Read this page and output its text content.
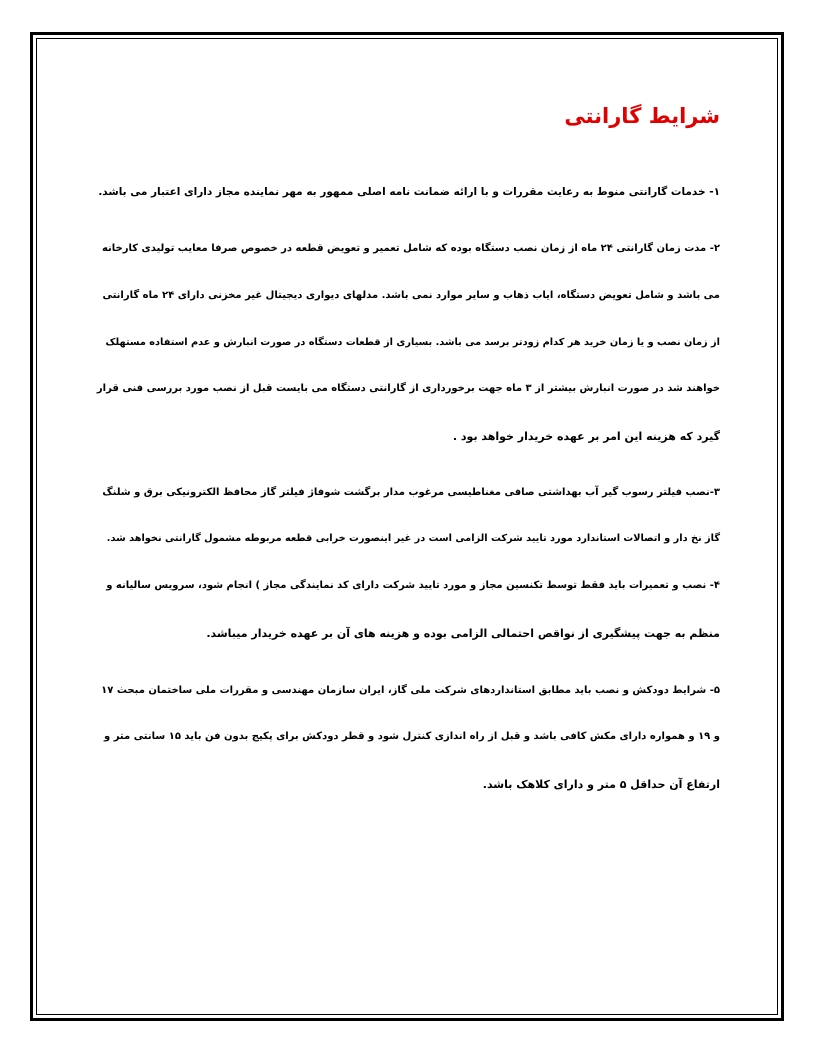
شرایط گارانتی
۱- خدمات گارانتی منوط به رعایت مقررات و با ارائه ضمانت نامه اصلی ممهور به مهر نماینده مجاز دارای اعتبار می باشد.
۲- مدت زمان گارانتی ۲۴ ماه از زمان نصب دستگاه بوده که شامل تعمیر و تعویض قطعه در خصوص صرفا معایب تولیدی کارخانه
می باشد و شامل تعویض دستگاه، ایاب ذهاب و سایر موارد نمی باشد. مدلهای دیواری دیجیتال غیر مخزنی دارای ۲۴ ماه گارانتی
از زمان نصب و یا زمان خرید هر کدام زودتر برسد می باشد. بسیاری از قطعات دستگاه در صورت انبارش و عدم استفاده مستهلک
خواهند شد در صورت انبارش بیشتر از ۳ ماه جهت برخورداری از گارانتی دستگاه می بایست قبل از نصب مورد بررسی فنی قرار
گیرد که هزینه این امر بر عهده خریدار خواهد بود .
۳-نصب فیلتر رسوب گیر آب بهداشتی صافی مغناطیسی مرغوب مدار برگشت شوفاژ فیلتر گاز محافظ الکترونیکی برق و شلنگ
گاز نخ دار و اتصالات استاندارد مورد تایید شرکت الزامی است در غیر اینصورت خرابی قطعه مربوطه مشمول گارانتی نخواهد شد.
۴- نصب و تعمیرات باید فقط توسط تکنسین مجاز و مورد تایید شرکت دارای کد نمایندگی مجاز ) انجام شود، سرویس سالیانه و
منظم به جهت پیشگیری از نواقص احتمالی الزامی بوده و هزینه های آن بر عهده خریدار میباشد.
۵- شرایط دودکش و نصب باید مطابق استانداردهای شرکت ملی گاز، ایران سازمان مهندسی و مقررات ملی ساختمان مبحث ۱۷
و ۱۹ و همواره دارای مکش کافی باشد و قبل از راه اندازی کنترل شود و قطر دودکش برای پکیج بدون فن باید ۱۵ سانتی متر و
ارتفاع آن حداقل ۵ متر و دارای کلاهک باشد.
